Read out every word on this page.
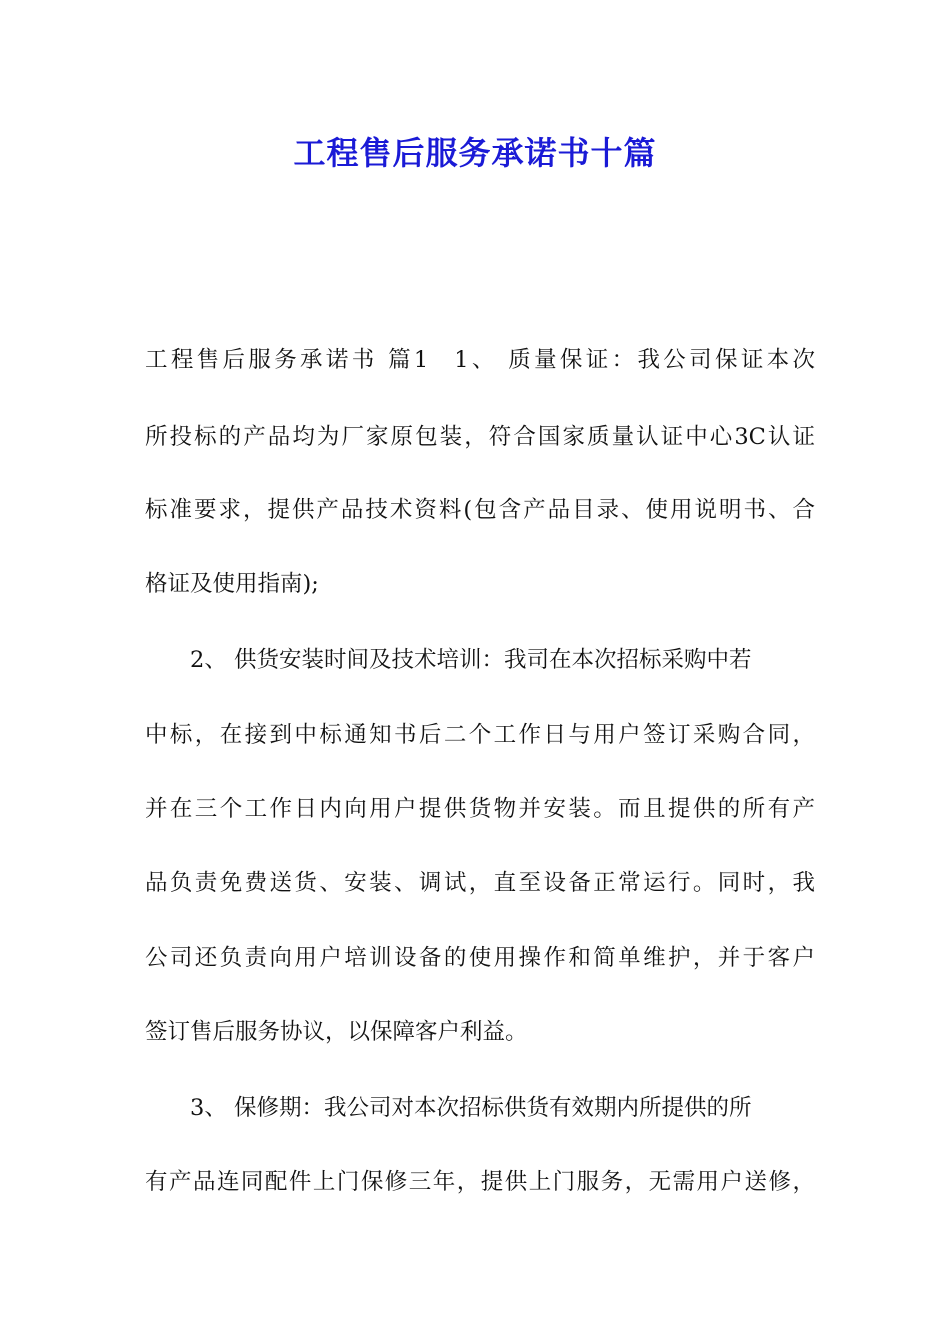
工程售后服务承诺书十篇

工程售后服务承诺书 篇1 1、 质量保证：我公司保证本次

所投标的产品均为厂家原包装，符合国家质量认证中心3C认证

标准要求，提供产品技术资料(包含产品目录、使用说明书、合

格证及使用指南);

2、 供货安装时间及技术培训：我司在本次招标采购中若

中标，在接到中标通知书后二个工作日与用户签订采购合同，

并在三个工作日内向用户提供货物并安装。而且提供的所有产

品负责免费送货、安装、调试，直至设备正常运行。同时，我

公司还负责向用户培训设备的使用操作和简单维护，并于客户

签订售后服务协议，以保障客户利益。

3、 保修期：我公司对本次招标供货有效期内所提供的所

有产品连同配件上门保修三年，提供上门服务，无需用户送修，
